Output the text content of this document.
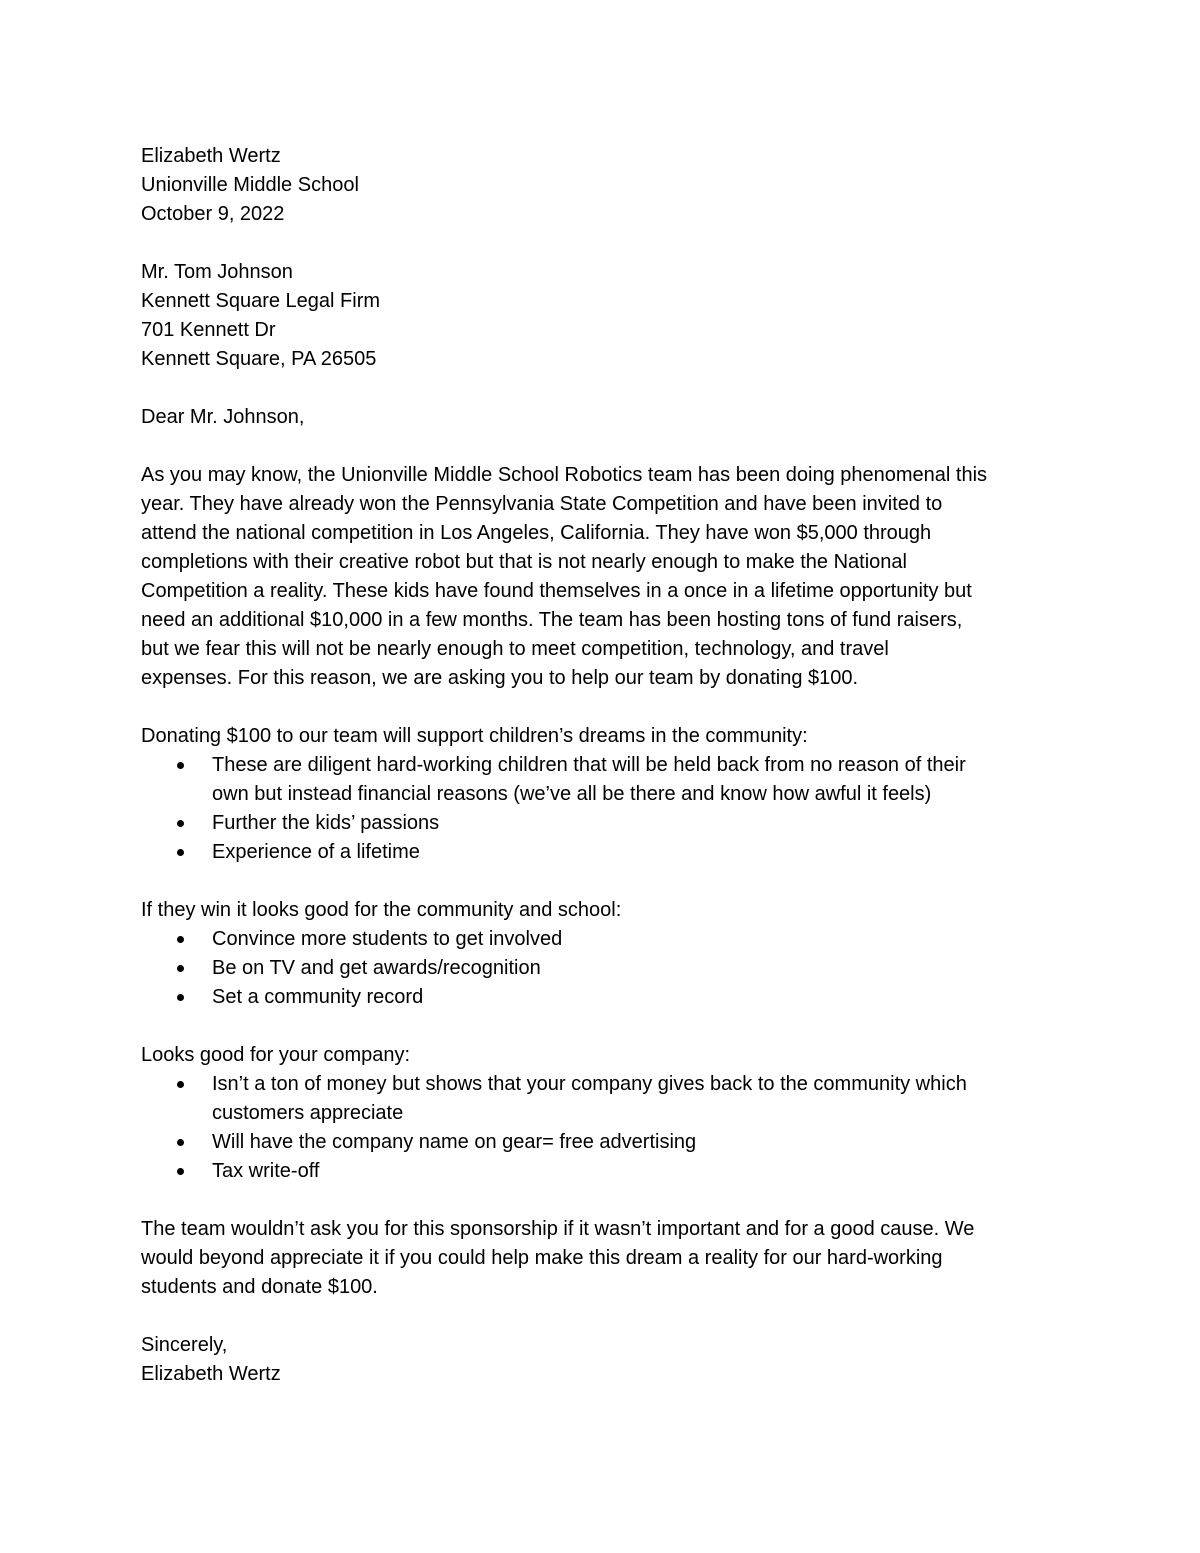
Elizabeth Wertz
Unionville Middle School
October 9, 2022
Mr. Tom Johnson
Kennett Square Legal Firm
701 Kennett Dr
Kennett Square, PA 26505
Dear Mr. Johnson,
As you may know, the Unionville Middle School Robotics team has been doing phenomenal this
year. They have already won the Pennsylvania State Competition and have been invited to
attend the national competition in Los Angeles, California. They have won $5,000 through
completions with their creative robot but that is not nearly enough to make the National
Competition a reality. These kids have found themselves in a once in a lifetime opportunity but
need an additional $10,000 in a few months. The team has been hosting tons of fund raisers,
but we fear this will not be nearly enough to meet competition, technology, and travel
expenses. For this reason, we are asking you to help our team by donating $100.
Donating $100 to our team will support children’s dreams in the community:
These are diligent hard-working children that will be held back from no reason of their
own but instead financial reasons (we’ve all be there and know how awful it feels)
Further the kids’ passions
Experience of a lifetime
If they win it looks good for the community and school:
Convince more students to get involved
Be on TV and get awards/recognition
Set a community record
Looks good for your company:
Isn’t a ton of money but shows that your company gives back to the community which
customers appreciate
Will have the company name on gear= free advertising
Tax write-off
The team wouldn’t ask you for this sponsorship if it wasn’t important and for a good cause. We
would beyond appreciate it if you could help make this dream a reality for our hard-working
students and donate $100.
Sincerely,
Elizabeth Wertz
